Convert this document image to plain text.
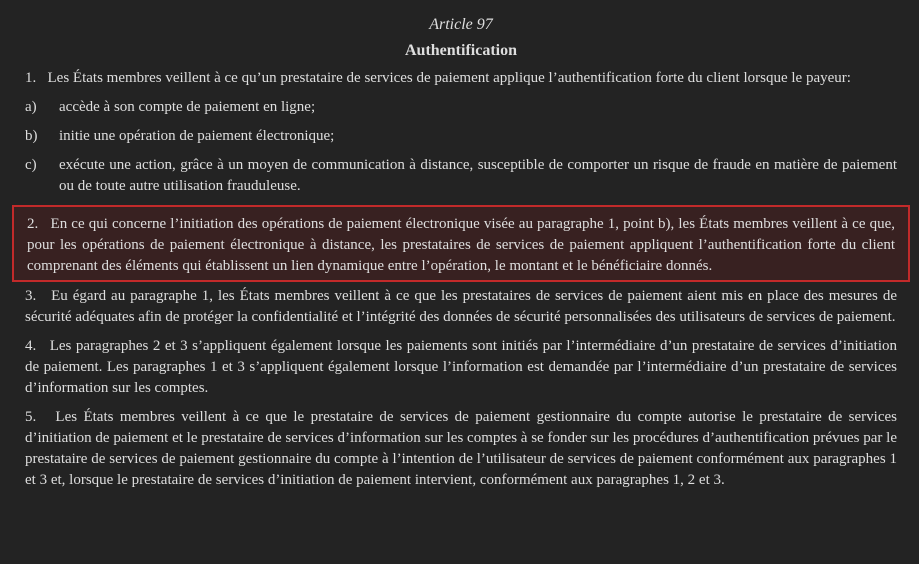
Article 97
Authentification

1.   Les États membres veillent à ce qu’un prestataire de services de paiement applique l’authentification forte du client lorsque le payeur:

a)	accède à son compte de paiement en ligne;
b)	initie une opération de paiement électronique;
c)	exécute une action, grâce à un moyen de communication à distance, susceptible de comporter un risque de fraude en matière de paiement ou de toute autre utilisation frauduleuse.

2.   En ce qui concerne l’initiation des opérations de paiement électronique visée au paragraphe 1, point b), les États membres veillent à ce que, pour les opérations de paiement électronique à distance, les prestataires de services de paiement appliquent l’authentification forte du client comprenant des éléments qui établissent un lien dynamique entre l’opération, le montant et le bénéficiaire donnés.

3.   Eu égard au paragraphe 1, les États membres veillent à ce que les prestataires de services de paiement aient mis en place des mesures de sécurité adéquates afin de protéger la confidentialité et l’intégrité des données de sécurité personnalisées des utilisateurs de services de paiement.

4.   Les paragraphes 2 et 3 s’appliquent également lorsque les paiements sont initiés par l’intermédiaire d’un prestataire de services d’initiation de paiement. Les paragraphes 1 et 3 s’appliquent également lorsque l’information est demandée par l’intermédiaire d’un prestataire de services d’information sur les comptes.

5.   Les États membres veillent à ce que le prestataire de services de paiement gestionnaire du compte autorise le prestataire de services d’initiation de paiement et le prestataire de services d’information sur les comptes à se fonder sur les procédures d’authentification prévues par le prestataire de services de paiement gestionnaire du compte à l’intention de l’utilisateur de services de paiement conformément aux paragraphes 1 et 3 et, lorsque le prestataire de services d’initiation de paiement intervient, conformément aux paragraphes 1, 2 et 3.
